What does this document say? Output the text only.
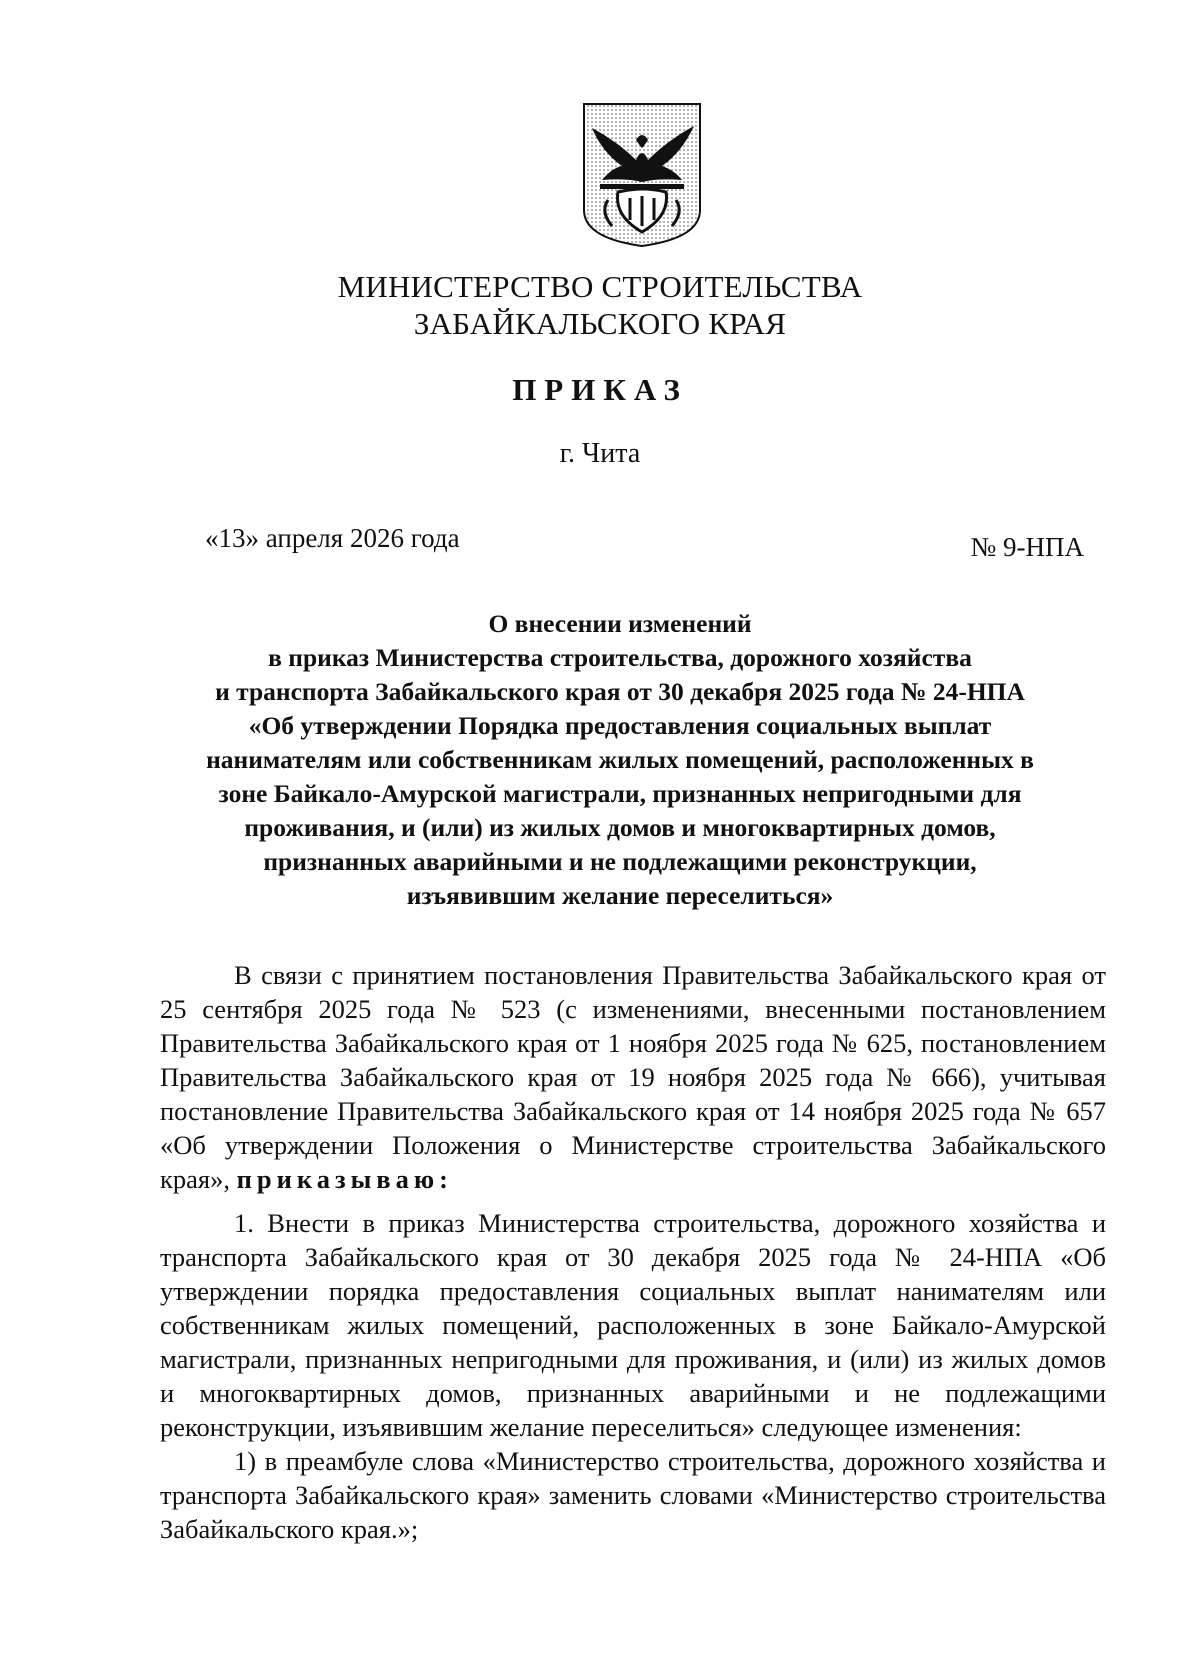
МИНИСТЕРСТВО СТРОИТЕЛЬСТВА
ЗАБАЙКАЛЬСКОГО КРАЯ
ПРИКАЗ
г. Чита
«13» апреля 2026 года	№ 9-НПА
О внесении изменений
в приказ Министерства строительства, дорожного хозяйства
и транспорта Забайкальского края от 30 декабря 2025 года № 24-НПА
«Об утверждении Порядка предоставления социальных выплат
нанимателям или собственникам жилых помещений, расположенных в
зоне Байкало-Амурской магистрали, признанных непригодными для
проживания, и (или) из жилых домов и многоквартирных домов,
признанных аварийными и не подлежащими реконструкции,
изъявившим желание переселиться»

В связи с принятием постановления Правительства Забайкальского края от 25 сентября 2025 года № 523 (с изменениями, внесенными постановлением Правительства Забайкальского края от 1 ноября 2025 года № 625, постановлением Правительства Забайкальского края от 19 ноября 2025 года № 666), учитывая постановление Правительства Забайкальского края от 14 ноября 2025 года № 657 «Об утверждении Положения о Министерстве строительства Забайкальского края», приказываю:

1. Внести в приказ Министерства строительства, дорожного хозяйства и транспорта Забайкальского края от 30 декабря 2025 года № 24-НПА «Об утверждении порядка предоставления социальных выплат нанимателям или собственникам жилых помещений, расположенных в зоне Байкало-Амурской магистрали, признанных непригодными для проживания, и (или) из жилых домов и многоквартирных домов, признанных аварийными и не подлежащими реконструкции, изъявившим желание переселиться» следующее изменения:

1) в преамбуле слова «Министерство строительства, дорожного хозяйства и транспорта Забайкальского края» заменить словами «Министерство строительства Забайкальского края.»;
